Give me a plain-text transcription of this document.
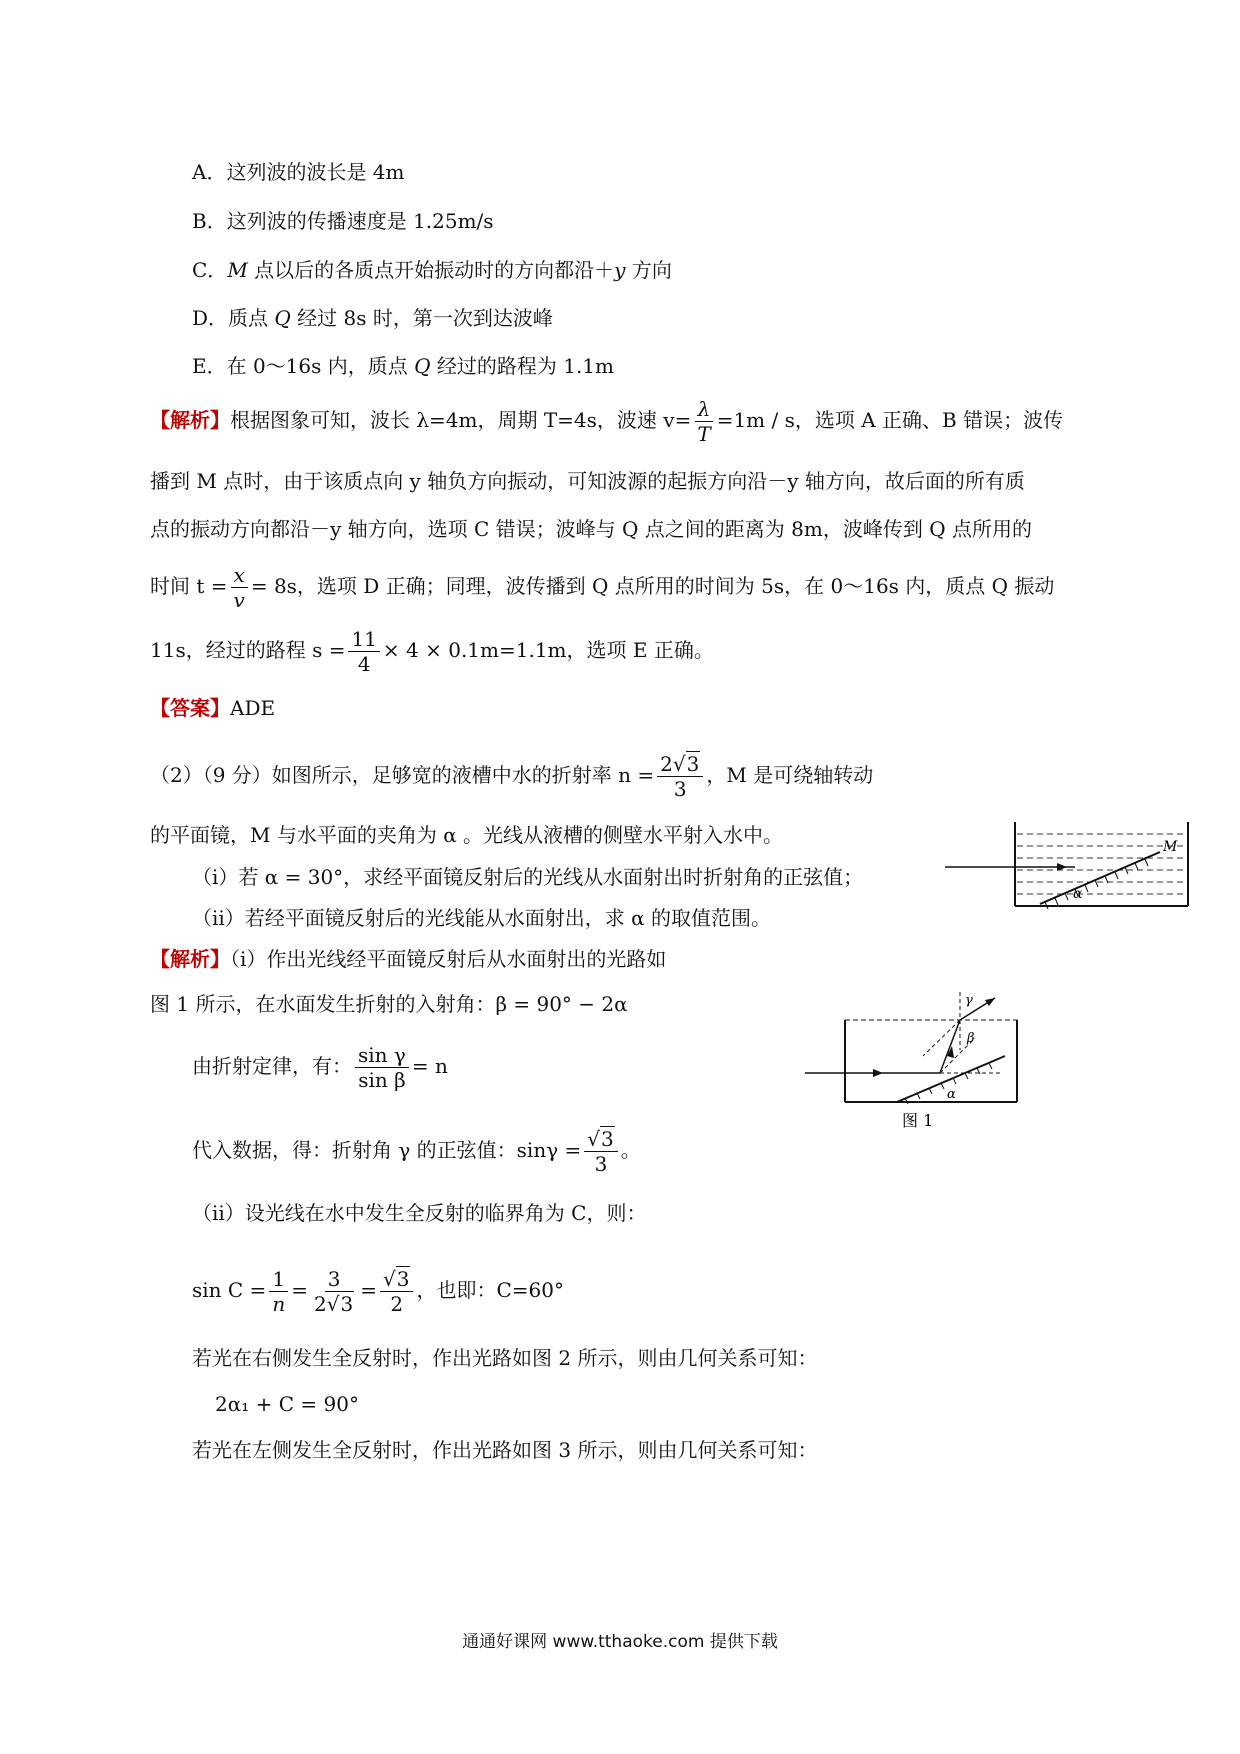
A．这列波的波长是 4m
B．这列波的传播速度是 1.25m/s
C．M 点以后的各质点开始振动时的方向都沿＋y 方向
D．质点 Q 经过 8s 时，第一次到达波峰
E．在 0～16s 内，质点 Q 经过的路程为 1.1m
【解析】根据图象可知，波长 λ=4m，周期 T=4s，波速 $v= \frac{\lambda}{T} =1m / s$，选项 A 正确、B 错误；波传
播到 M 点时，由于该质点向 y 轴负方向振动，可知波源的起振方向沿－y 轴方向，故后面的所有质
点的振动方向都沿－y 轴方向，选项 C 错误；波峰与 Q 点之间的距离为 8m，波峰传到 Q 点所用的
时间 $t = \frac{x}{v} = 8s$，选项 D 正确；同理，波传播到 Q 点所用的时间为 5s，在 0～16s 内，质点 Q 振动
11s，经过的路程 $s = \frac{11}{4} \times 4 \times 0.1m=1.1m$，选项 E 正确。
【答案】ADE
（2）（9 分）如图所示，足够宽的液槽中水的折射率 $n = \frac{2√3}{3}$ ，M 是可绕轴转动
的平面镜，M 与水平面的夹角为 α 。光线从液槽的侧壁水平射入水中。
（i）若 α = 30°，求经平面镜反射后的光线从水面射出时折射角的正弦值；
（ii）若经平面镜反射后的光线能从水面射出，求 α 的取值范围。
M
α
【解析】（i）作出光线经平面镜反射后从水面射出的光路如
图 1 所示，在水面发生折射的入射角：β = 90° − 2α
由折射定律，有： $\frac{\text{sin γ}}{\text{sin β}} = n$
γ
β
α
图 1
代入数据，得：折射角 γ 的正弦值：$\sin\gamma = \frac{√3}{3}$ 。
（ii）设光线在水中发生全反射的临界角为 C，则：
$\sin C = \frac{1}{n} = \frac{3}{2√3} = \frac{√3}{2}$ ，也即：C=60°
若光在右侧发生全反射时，作出光路如图 2 所示，则由几何关系可知：
2α₁ + C = 90°
若光在左侧发生全反射时，作出光路如图 3 所示，则由几何关系可知：
通通好课网 www.tthaoke.com 提供下载
